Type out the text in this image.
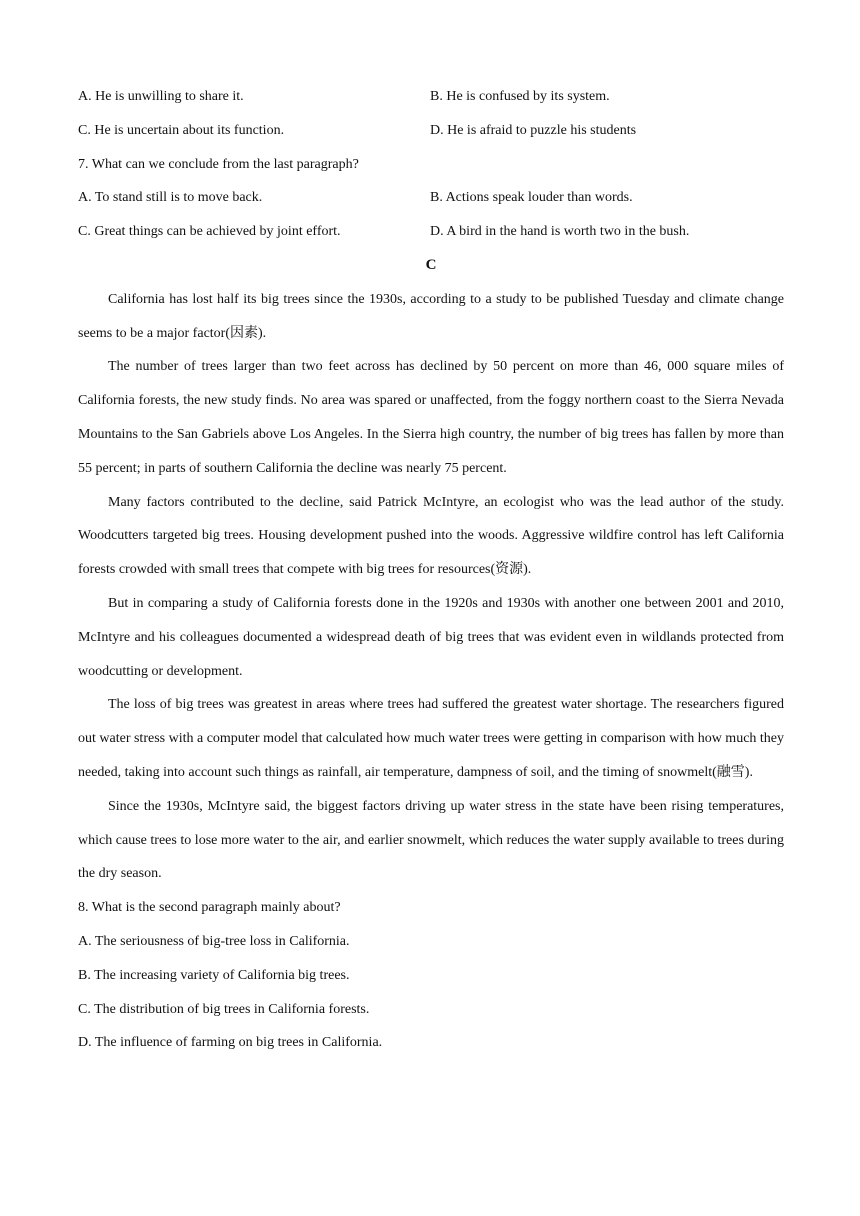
A. He is unwilling to share it.	B. He is confused by its system.
C. He is uncertain about its function.	D. He is afraid to puzzle his students
7. What can we conclude from the last paragraph?
A. To stand still is to move back.	B. Actions speak louder than words.
C. Great things can be achieved by joint effort.	D. A bird in the hand is worth two in the bush.
C

California has lost half its big trees since the 1930s, according to a study to be published Tuesday and climate change seems to be a major factor(因素).

The number of trees larger than two feet across has declined by 50 percent on more than 46, 000 square miles of California forests, the new study finds. No area was spared or unaffected, from the foggy northern coast to the Sierra Nevada Mountains to the San Gabriels above Los Angeles. In the Sierra high country, the number of big trees has fallen by more than 55 percent; in parts of southern California the decline was nearly 75 percent.

Many factors contributed to the decline, said Patrick McIntyre, an ecologist who was the lead author of the study. Woodcutters targeted big trees. Housing development pushed into the woods. Aggressive wildfire control has left California forests crowded with small trees that compete with big trees for resources(资源).

But in comparing a study of California forests done in the 1920s and 1930s with another one between 2001 and 2010, McIntyre and his colleagues documented a widespread death of big trees that was evident even in wildlands protected from woodcutting or development.

The loss of big trees was greatest in areas where trees had suffered the greatest water shortage. The researchers figured out water stress with a computer model that calculated how much water trees were getting in comparison with how much they needed, taking into account such things as rainfall, air temperature, dampness of soil, and the timing of snowmelt(融雪).

Since the 1930s, McIntyre said, the biggest factors driving up water stress in the state have been rising temperatures, which cause trees to lose more water to the air, and earlier snowmelt, which reduces the water supply available to trees during the dry season.

8. What is the second paragraph mainly about?
A. The seriousness of big-tree loss in California.
B. The increasing variety of California big trees.
C. The distribution of big trees in California forests.
D. The influence of farming on big trees in California.
